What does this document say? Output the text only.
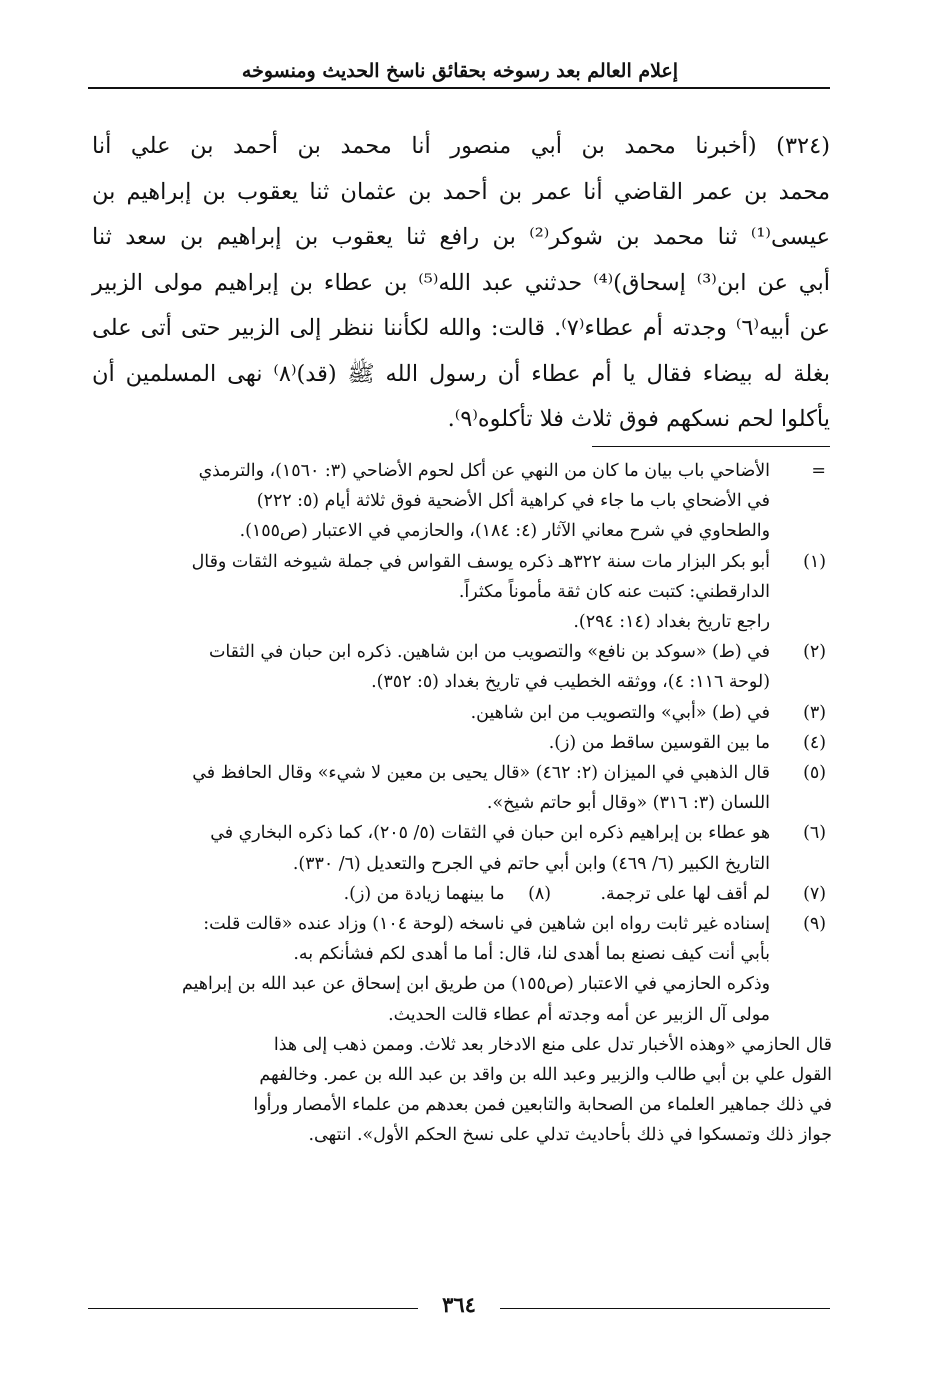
إعلام العالم بعد رسوخه بحقائق ناسخ الحديث ومنسوخه
(٣٢٤) (أخبرنا محمد بن أبي منصور أنا محمد بن أحمد بن علي أنا
محمد بن عمر القاضي أنا عمر بن أحمد بن عثمان ثنا يعقوب بن إبراهيم بن
عيسى⁽¹⁾ ثنا محمد بن شوكر⁽²⁾ بن رافع ثنا يعقوب بن إبراهيم بن سعد ثنا
أبي عن ابن⁽³⁾ إسحاق)⁽⁴⁾ حدثني عبد الله⁽⁵⁾ بن عطاء بن إبراهيم مولى الزبير
عن أبيه⁽٦⁾ وجدته أم عطاء⁽٧⁾. قالت: والله لكأننا ننظر إلى الزبير حتى أتى على
بغلة له بيضاء فقال يا أم عطاء أن رسول الله ﷺ (قد)⁽٨⁾ نهى المسلمين أن
يأكلوا لحم نسكهم فوق ثلاث فلا تأكلوه⁽٩⁾.
=
الأضاحي باب بيان ما كان من النهي عن أكل لحوم الأضاحي (٣: ١٥٦٠)، والترمذي
في الأضحاي باب ما جاء في كراهية أكل الأضحية فوق ثلاثة أيام (٥: ٢٢٢)
والطحاوي في شرح معاني الآثار (٤: ١٨٤)، والحازمي في الاعتبار (ص١٥٥).
(١)
أبو بكر البزار مات سنة ٣٢٢هـ ذكره يوسف القواس في جملة شيوخه الثقات وقال
الدارقطني: كتبت عنه كان ثقة مأموناً مكثراً.
راجع تاريخ بغداد (١٤: ٢٩٤).
(٢)
في (ط) «سوكد بن نافع» والتصويب من ابن شاهين. ذكره ابن حبان في الثقات
(لوحة ١١٦: ٤)، ووثقه الخطيب في تاريخ بغداد (٥: ٣٥٢).
(٣)
في (ط) «أبي» والتصويب من ابن شاهين.
(٤)
ما بين القوسين ساقط من (ز).
(٥)
قال الذهبي في الميزان (٢: ٤٦٢) «قال يحيى بن معين لا شيء» وقال الحافظ في
اللسان (٣: ٣١٦) «وقال أبو حاتم شيخ».
(٦)
هو عطاء بن إبراهيم ذكره ابن حبان في الثقات (٥/ ٢٠٥)، كما ذكره البخاري في
التاريخ الكبير (٦/ ٤٦٩) وابن أبي حاتم في الجرح والتعديل (٦/ ٣٣٠).
(٧)
لم أقف لها على ترجمة. (٨) ما بينهما زيادة من (ز).
(٩)
إسناده غير ثابت رواه ابن شاهين في ناسخه (لوحة ١٠٤) وزاد عنده «قالت قلت:
بأبي أنت كيف نصنع بما أهدى لنا، قال: أما ما أهدى لكم فشأنكم به.
وذكره الحازمي في الاعتبار (ص١٥٥) من طريق ابن إسحاق عن عبد الله بن إبراهيم
مولى آل الزبير عن أمه وجدته أم عطاء قالت الحديث.
قال الحازمي «وهذه الأخبار تدل على منع الادخار بعد ثلاث. وممن ذهب إلى هذا
القول علي بن أبي طالب والزبير وعبد الله بن واقد بن عبد الله بن عمر. وخالفهم
في ذلك جماهير العلماء من الصحابة والتابعين فمن بعدهم من علماء الأمصار ورأوا
جواز ذلك وتمسكوا في ذلك بأحاديث تدلي على نسخ الحكم الأول». انتهى.
٣٦٤
